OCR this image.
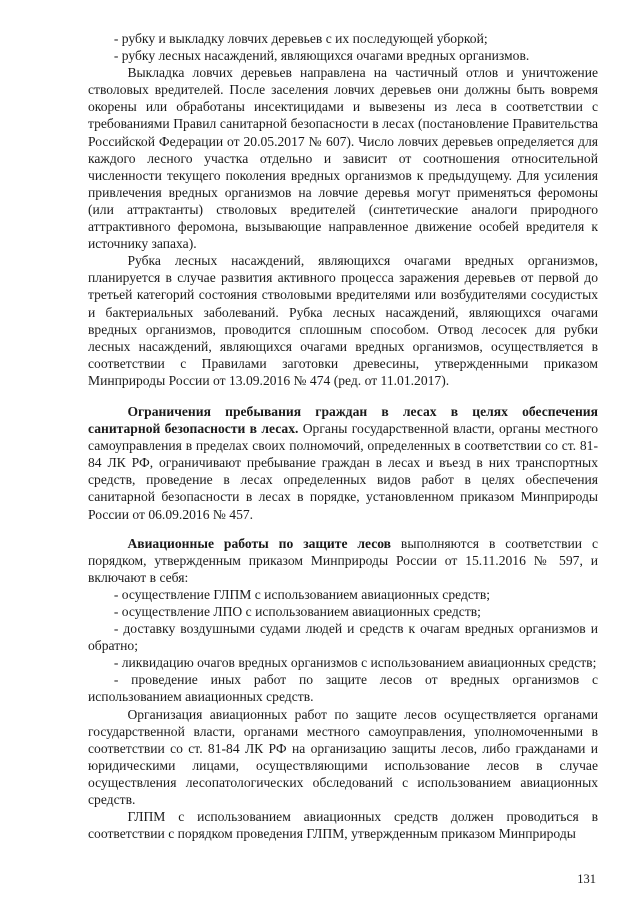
- рубку и выкладку ловчих деревьев с их последующей уборкой;

- рубку лесных насаждений, являющихся очагами вредных организмов.

Выкладка ловчих деревьев направлена на частичный отлов и уничтожение стволовых вредителей. После заселения ловчих деревьев они должны быть вовремя окорены или обработаны инсектицидами и вывезены из леса в соответствии с требованиями Правил санитарной безопасности в лесах (постановление Правительства Российской Федерации от 20.05.2017 № 607). Число ловчих деревьев определяется для каждого лесного участка отдельно и зависит от соотношения относительной численности текущего поколения вредных организмов к предыдущему. Для усиления привлечения вредных организмов на ловчие деревья могут применяться феромоны (или аттрактанты) стволовых вредителей (синтетические аналоги природного аттрактивного феромона, вызывающие направленное движение особей вредителя к источнику запаха).

Рубка лесных насаждений, являющихся очагами вредных организмов, планируется в случае развития активного процесса заражения деревьев от первой до третьей категорий состояния стволовыми вредителями или возбудителями сосудистых и бактериальных заболеваний. Рубка лесных насаждений, являющихся очагами вредных организмов, проводится сплошным способом. Отвод лесосек для рубки лесных насаждений, являющихся очагами вредных организмов, осуществляется в соответствии с Правилами заготовки древесины, утвержденными приказом Минприроды России от 13.09.2016 № 474 (ред. от 11.01.2017).

Ограничения пребывания граждан в лесах в целях обеспечения санитарной безопасности в лесах. Органы государственной власти, органы местного самоуправления в пределах своих полномочий, определенных в соответствии со ст. 81-84 ЛК РФ, ограничивают пребывание граждан в лесах и въезд в них транспортных средств, проведение в лесах определенных видов работ в целях обеспечения санитарной безопасности в лесах в порядке, установленном приказом Минприроды России от 06.09.2016 № 457.

Авиационные работы по защите лесов выполняются в соответствии с порядком, утвержденным приказом Минприроды России от 15.11.2016 № 597, и включают в себя:

- осуществление ГЛПМ с использованием авиационных средств;

- осуществление ЛПО с использованием авиационных средств;

- доставку воздушными судами людей и средств к очагам вредных организмов и обратно;

- ликвидацию очагов вредных организмов с использованием авиационных средств;

- проведение иных работ по защите лесов от вредных организмов с использованием авиационных средств.

Организация авиационных работ по защите лесов осуществляется органами государственной власти, органами местного самоуправления, уполномоченными в соответствии со ст. 81-84 ЛК РФ на организацию защиты лесов, либо гражданами и юридическими лицами, осуществляющими использование лесов в случае осуществления лесопатологических обследований с использованием авиационных средств.

ГЛПМ с использованием авиационных средств должен проводиться в соответствии с порядком проведения ГЛПМ, утвержденным приказом Минприроды

131
